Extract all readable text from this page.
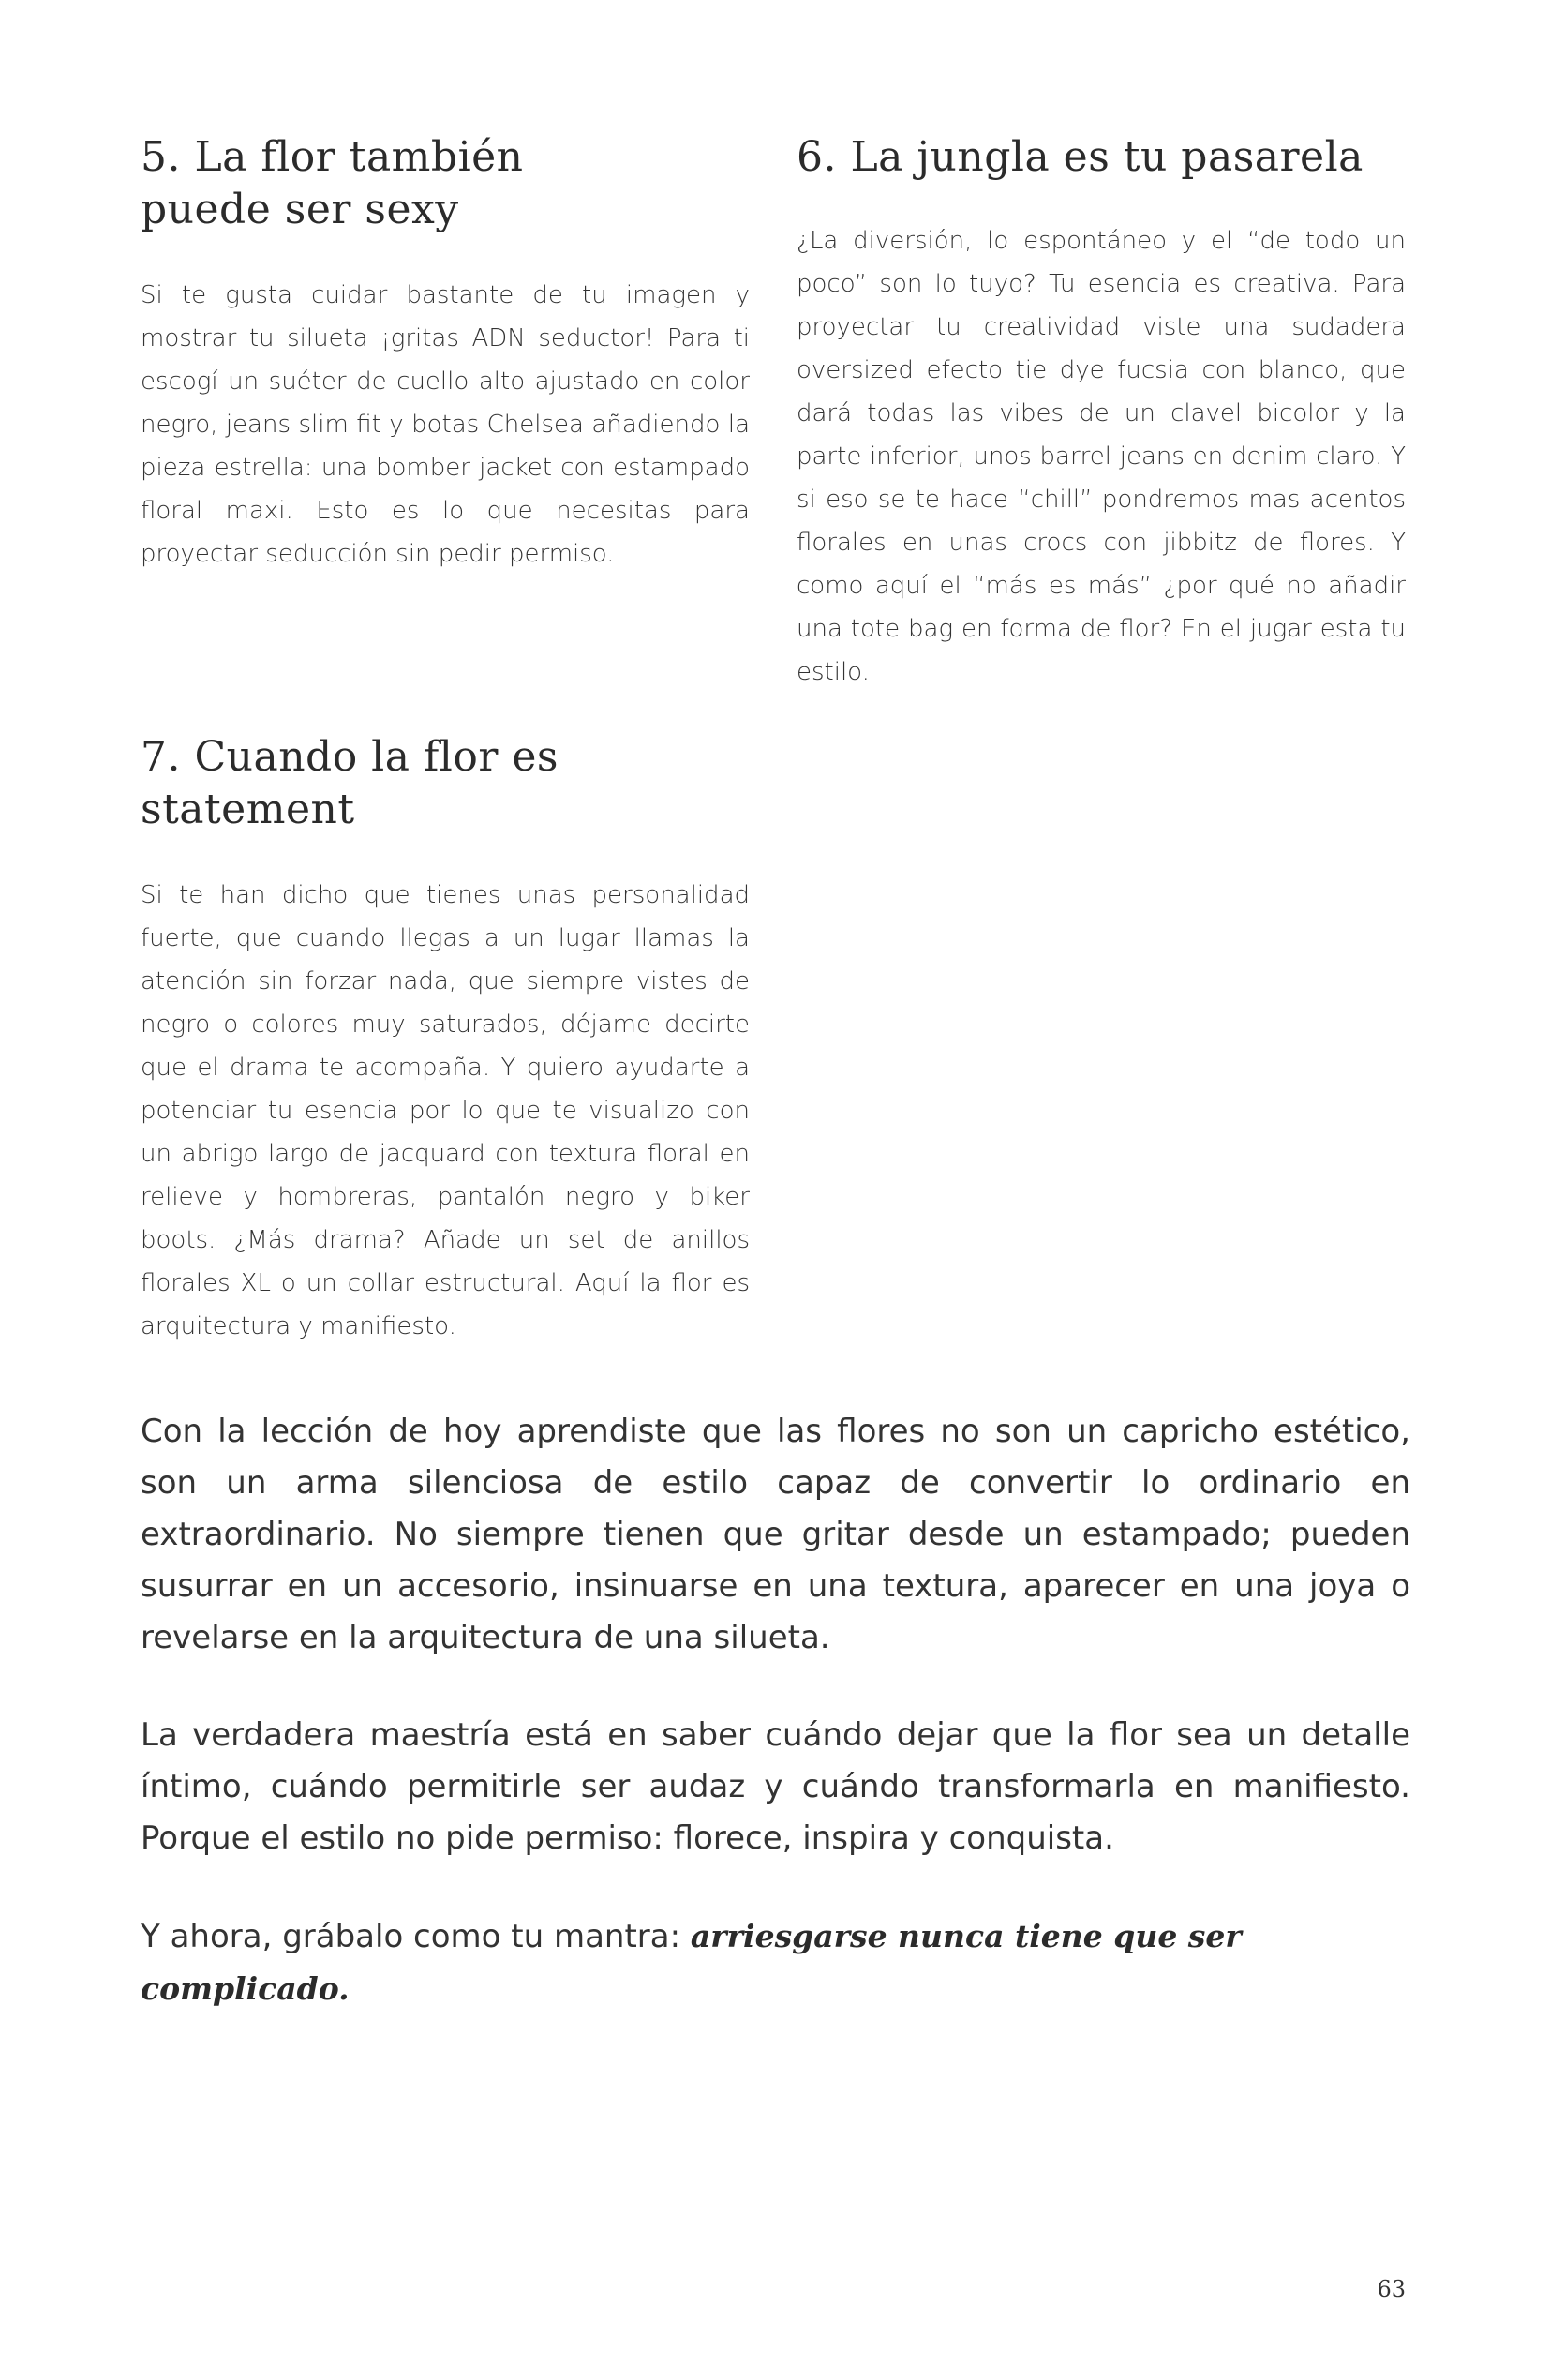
5. La flor también
puede ser sexy

Si te gusta cuidar bastante de tu imagen y mostrar tu silueta ¡gritas ADN seductor! Para ti escogí un suéter de cuello alto ajustado en color negro, jeans slim fit y botas Chelsea añadiendo la pieza estrella: una bomber jacket con estampado floral maxi. Esto es lo que necesitas para proyectar seducción sin pedir permiso.

6. La jungla es tu pasarela

¿La diversión, lo espontáneo y el “de todo un poco” son lo tuyo? Tu esencia es creativa. Para proyectar tu creatividad viste una sudadera oversized efecto tie dye fucsia con blanco, que dará todas las vibes de un clavel bicolor y la parte inferior, unos barrel jeans en denim claro. Y si eso se te hace “chill” pondremos mas acentos florales en unas crocs con jibbitz de flores. Y como aquí el “más es más” ¿por qué no añadir una tote bag en forma de flor? En el jugar esta tu estilo.

7. Cuando la flor es statement

Si te han dicho que tienes unas personalidad fuerte, que cuando llegas a un lugar llamas la atención sin forzar nada, que siempre vistes de negro o colores muy saturados, déjame decirte que el drama te acompaña. Y quiero ayudarte a potenciar tu esencia por lo que te visualizo con un abrigo largo de jacquard con textura floral en relieve y hombreras, pantalón negro y biker boots. ¿Más drama? Añade un set de anillos florales XL o un collar estructural. Aquí la flor es arquitectura y manifiesto.

Con la lección de hoy aprendiste que las flores no son un capricho estético, son un arma silenciosa de estilo capaz de convertir lo ordinario en extraordinario. No siempre tienen que gritar desde un estampado; pueden susurrar en un accesorio, insinuarse en una textura, aparecer en una joya o revelarse en la arquitectura de una silueta.

La verdadera maestría está en saber cuándo dejar que la flor sea un detalle íntimo, cuándo permitirle ser audaz y cuándo transformarla en manifiesto. Porque el estilo no pide permiso: florece, inspira y conquista.

Y ahora, grábalo como tu mantra: arriesgarse nunca tiene que ser complicado.

63
